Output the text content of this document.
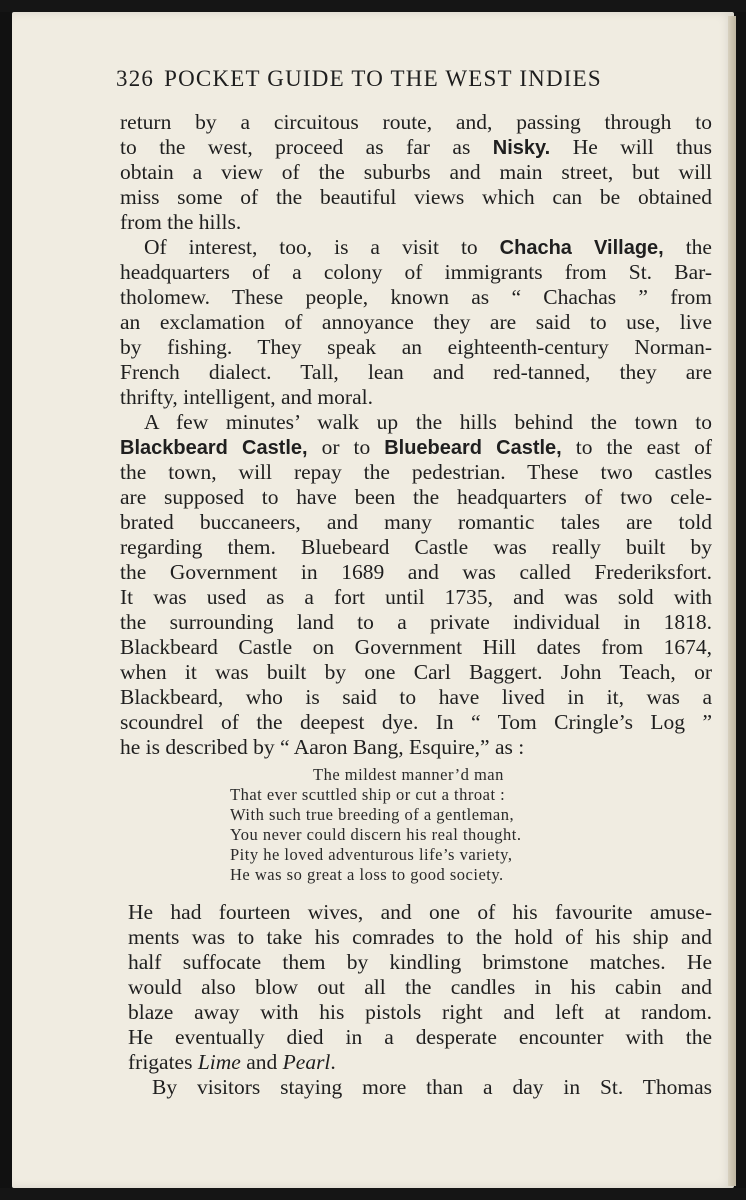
326 POCKET GUIDE TO THE WEST INDIES
return by a circuitous route, and, passing through to
to the west, proceed as far as Nisky. He will thus
obtain a view of the suburbs and main street, but will
miss some of the beautiful views which can be obtained
from the hills.
Of interest, too, is a visit to Chacha Village, the
headquarters of a colony of immigrants from St. Bar-
tholomew. These people, known as “ Chachas ” from
an exclamation of annoyance they are said to use, live
by fishing. They speak an eighteenth-century Norman-
French dialect. Tall, lean and red-tanned, they are
thrifty, intelligent, and moral.
A few minutes’ walk up the hills behind the town to
Blackbeard Castle, or to Bluebeard Castle, to the east of
the town, will repay the pedestrian. These two castles
are supposed to have been the headquarters of two cele-
brated buccaneers, and many romantic tales are told
regarding them. Bluebeard Castle was really built by
the Government in 1689 and was called Frederiksfort.
It was used as a fort until 1735, and was sold with
the surrounding land to a private individual in 1818.
Blackbeard Castle on Government Hill dates from 1674,
when it was built by one Carl Baggert. John Teach, or
Blackbeard, who is said to have lived in it, was a
scoundrel of the deepest dye. In “ Tom Cringle’s Log ”
he is described by “ Aaron Bang, Esquire,” as :
The mildest manner’d man
That ever scuttled ship or cut a throat :
With such true breeding of a gentleman,
You never could discern his real thought.
Pity he loved adventurous life’s variety,
He was so great a loss to good society.
He had fourteen wives, and one of his favourite amuse-
ments was to take his comrades to the hold of his ship and
half suffocate them by kindling brimstone matches. He
would also blow out all the candles in his cabin and
blaze away with his pistols right and left at random.
He eventually died in a desperate encounter with the
frigates Lime and Pearl.
By visitors staying more than a day in St. Thomas
